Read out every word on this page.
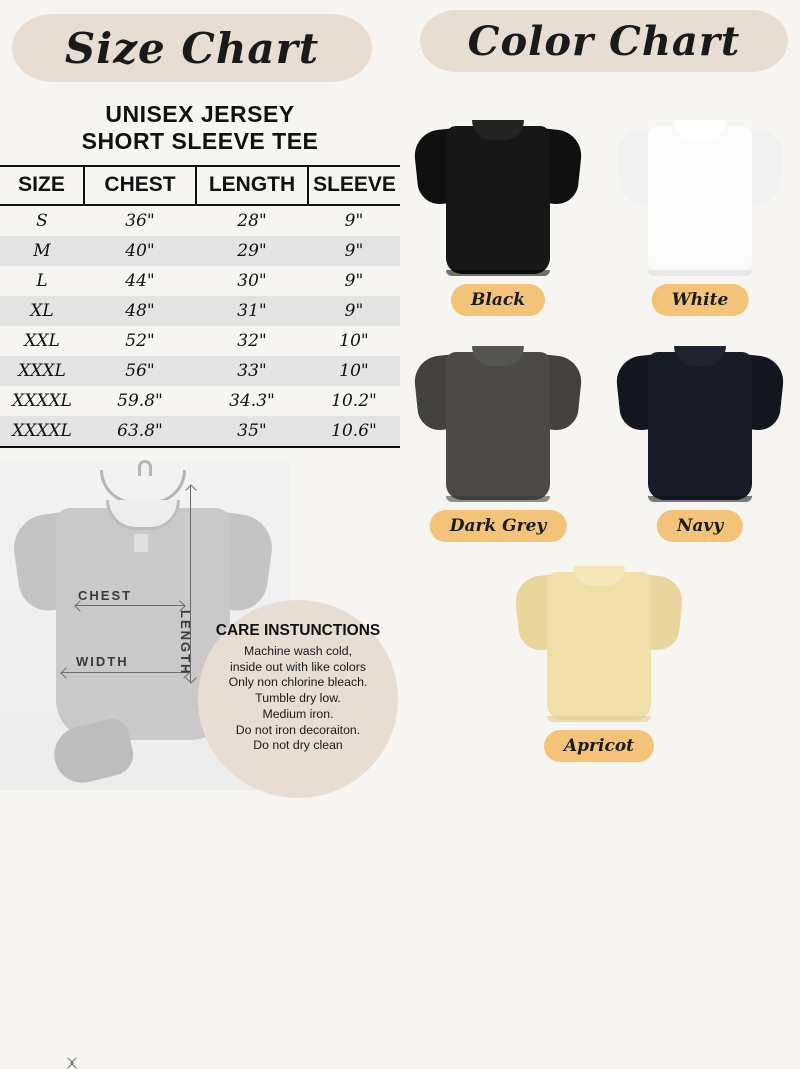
Size Chart	Color Chart
UNISEX JERSEY
SHORT SLEEVE TEE
SIZE	CHEST	LENGTH	SLEEVE
S	36"	28"	9"
M	40"	29"	9"
L	44"	30"	9"
XL	48"	31"	9"
XXL	52"	32"	10"
XXXL	56"	33"	10"
XXXXL	59.8"	34.3"	10.2"
XXXXL	63.8"	35"	10.6"
CHEST
WIDTH	LENGTH CARE INSTUNCTIONS
Machine wash cold,
inside out with like colors
Only non chlorine bleach.
Tumble dry low.
Medium iron.
Do not iron decoraiton.
Do not dry clean
Black	White
Dark Grey	Navy
Apricot
